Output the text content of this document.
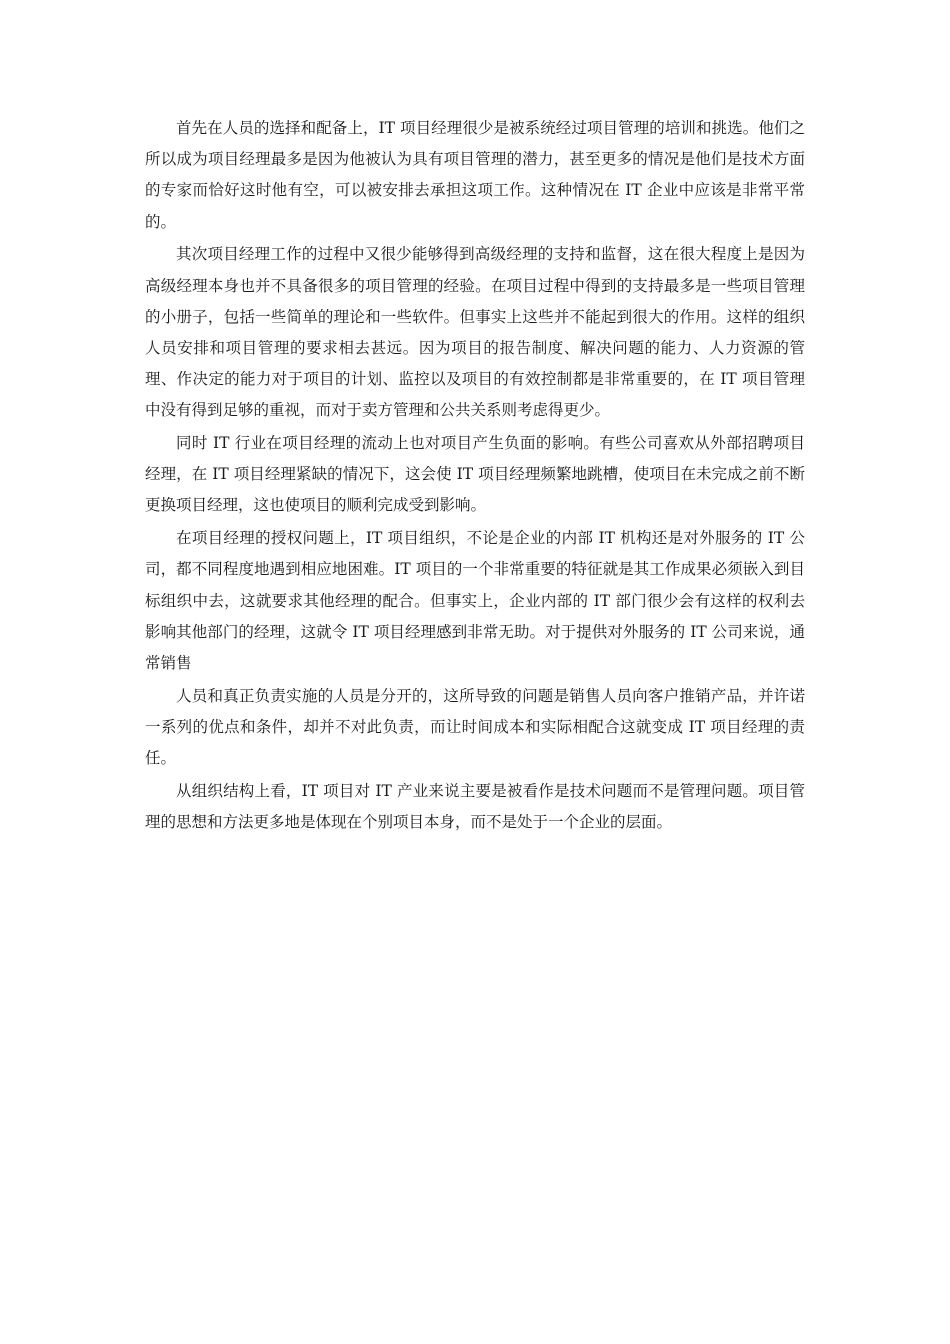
首先在人员的选择和配备上，IT 项目经理很少是被系统经过项目管理的培训和挑选。他们之所以成为项目经理最多是因为他被认为具有项目管理的潜力，甚至更多的情况是他们是技术方面的专家而恰好这时他有空，可以被安排去承担这项工作。这种情况在 IT 企业中应该是非常平常的。

其次项目经理工作的过程中又很少能够得到高级经理的支持和监督，这在很大程度上是因为高级经理本身也并不具备很多的项目管理的经验。在项目过程中得到的支持最多是一些项目管理的小册子，包括一些简单的理论和一些软件。但事实上这些并不能起到很大的作用。这样的组织人员安排和项目管理的要求相去甚远。因为项目的报告制度、解决问题的能力、人力资源的管理、作决定的能力对于项目的计划、监控以及项目的有效控制都是非常重要的，在 IT 项目管理中没有得到足够的重视，而对于卖方管理和公共关系则考虑得更少。

同时 IT 行业在项目经理的流动上也对项目产生负面的影响。有些公司喜欢从外部招聘项目经理，在 IT 项目经理紧缺的情况下，这会使 IT 项目经理频繁地跳槽，使项目在未完成之前不断更换项目经理，这也使项目的顺利完成受到影响。

在项目经理的授权问题上，IT 项目组织，不论是企业的内部 IT 机构还是对外服务的 IT 公司，都不同程度地遇到相应地困难。IT 项目的一个非常重要的特征就是其工作成果必须嵌入到目标组织中去，这就要求其他经理的配合。但事实上，企业内部的 IT 部门很少会有这样的权利去影响其他部门的经理，这就令 IT 项目经理感到非常无助。对于提供对外服务的 IT 公司来说，通常销售

人员和真正负责实施的人员是分开的，这所导致的问题是销售人员向客户推销产品，并许诺一系列的优点和条件，却并不对此负责，而让时间成本和实际相配合这就变成 IT 项目经理的责任。

从组织结构上看，IT 项目对 IT 产业来说主要是被看作是技术问题而不是管理问题。项目管理的思想和方法更多地是体现在个别项目本身，而不是处于一个企业的层面。
